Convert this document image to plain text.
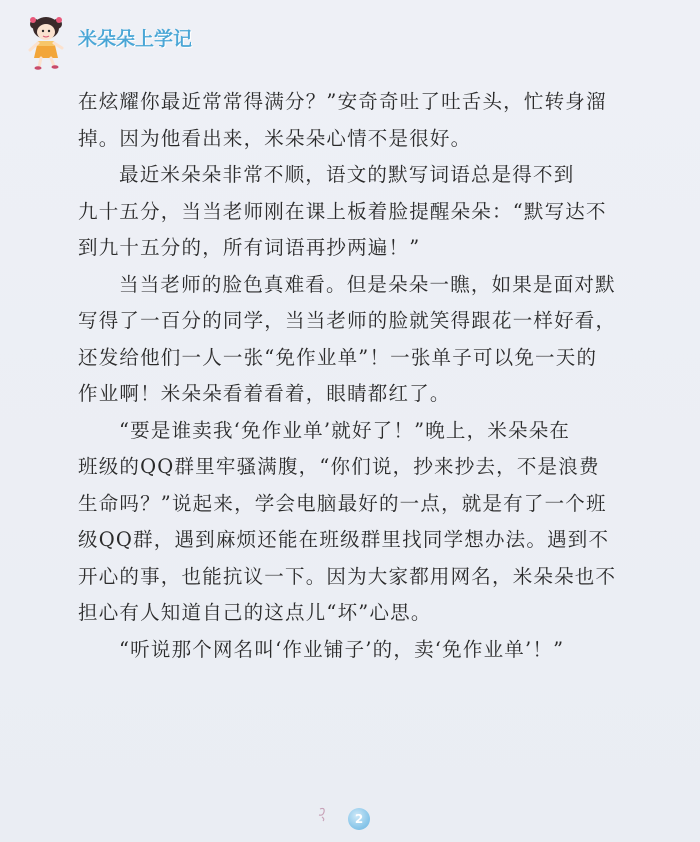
米朵朵上学记
在炫耀你最近常常得满分？”安奇奇吐了吐舌头，忙转身溜
掉。因为他看出来，米朵朵心情不是很好。
最近米朵朵非常不顺，语文的默写词语总是得不到
九十五分，当当老师刚在课上板着脸提醒朵朵：“默写达不
到九十五分的，所有词语再抄两遍！”
当当老师的脸色真难看。但是朵朵一瞧，如果是面对默
写得了一百分的同学，当当老师的脸就笑得跟花一样好看，
还发给他们一人一张“免作业单”！一张单子可以免一天的
作业啊！米朵朵看着看着，眼睛都红了。
“要是谁卖我‘免作业单’就好了！”晚上，米朵朵在
班级的QQ群里牢骚满腹，“你们说，抄来抄去，不是浪费
生命吗？”说起来，学会电脑最好的一点，就是有了一个班
级QQ群，遇到麻烦还能在班级群里找同学想办法。遇到不
开心的事，也能抗议一下。因为大家都用网名，米朵朵也不
担心有人知道自己的这点儿“坏”心思。
“听说那个网名叫‘作业铺子’的，卖‘免作业单’！”
2
